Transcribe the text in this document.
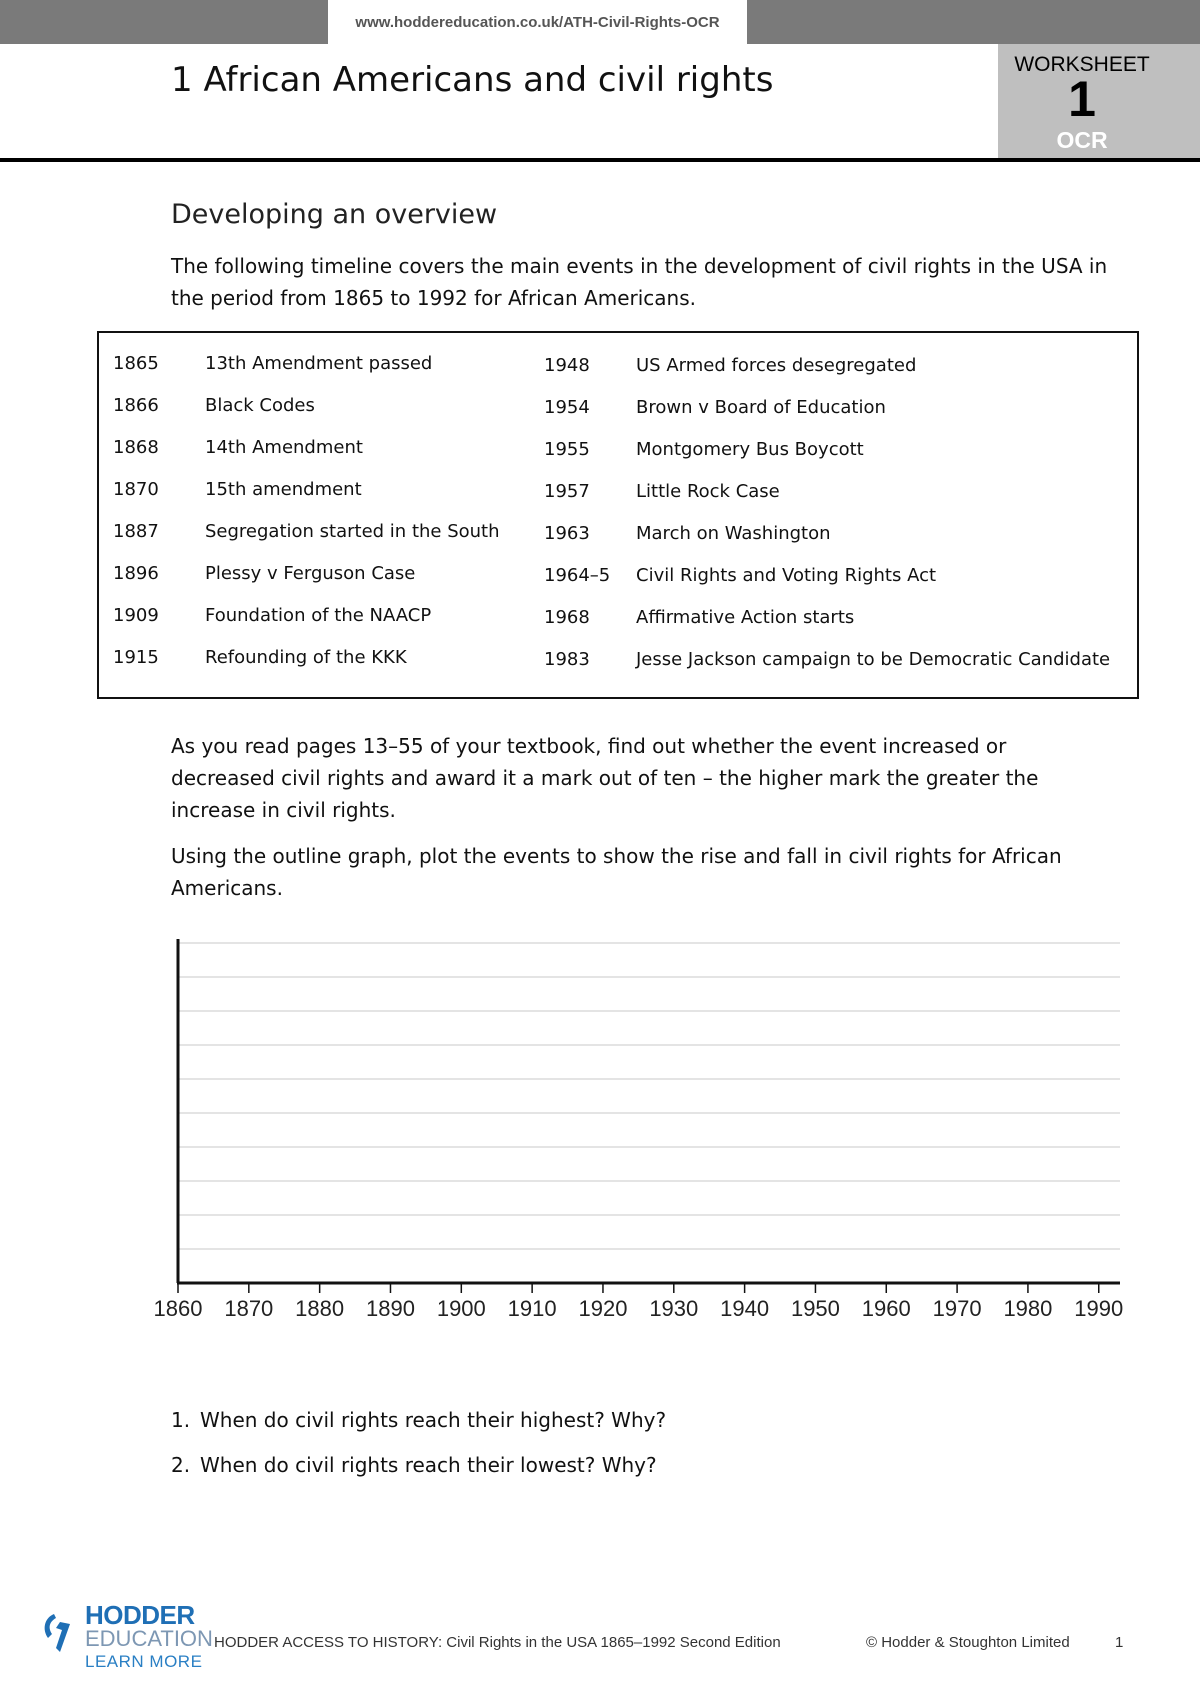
www.hoddereducation.co.uk/ATH-Civil-Rights-OCR
WORKSHEET
1
OCR
1 African Americans and civil rights
Developing an overview
The following timeline covers the main events in the development of civil rights in the USA in the period from 1865 to 1992 for African Americans.
1865	13th Amendment passed
1866	Black Codes
1868	14th Amendment
1870	15th amendment
1887	Segregation started in the South
1896	Plessy v Ferguson Case
1909	Foundation of the NAACP
1915	Refounding of the KKK
1948	US Armed forces desegregated
1954	Brown v Board of Education
1955	Montgomery Bus Boycott
1957	Little Rock Case
1963	March on Washington
1964–5 Civil Rights and Voting Rights Act
1968	Affirmative Action starts
1983	Jesse Jackson campaign to be Democratic Candidate
As you read pages 13–55 of your textbook, find out whether the event increased or decreased civil rights and award it a mark out of ten – the higher mark the greater the increase in civil rights.
Using the outline graph, plot the events to show the rise and fall in civil rights for African Americans.
1860 1870 1880 1890 1900 1910 1920 1930 1940 1950 1960 1970 1980 1990
1. When do civil rights reach their highest? Why?
2. When do civil rights reach their lowest? Why?
HODDER
EDUCATION
LEARN MORE
HODDER ACCESS TO HISTORY: Civil Rights in the USA 1865–1992 Second Edition	© Hodder & Stoughton Limited	1
